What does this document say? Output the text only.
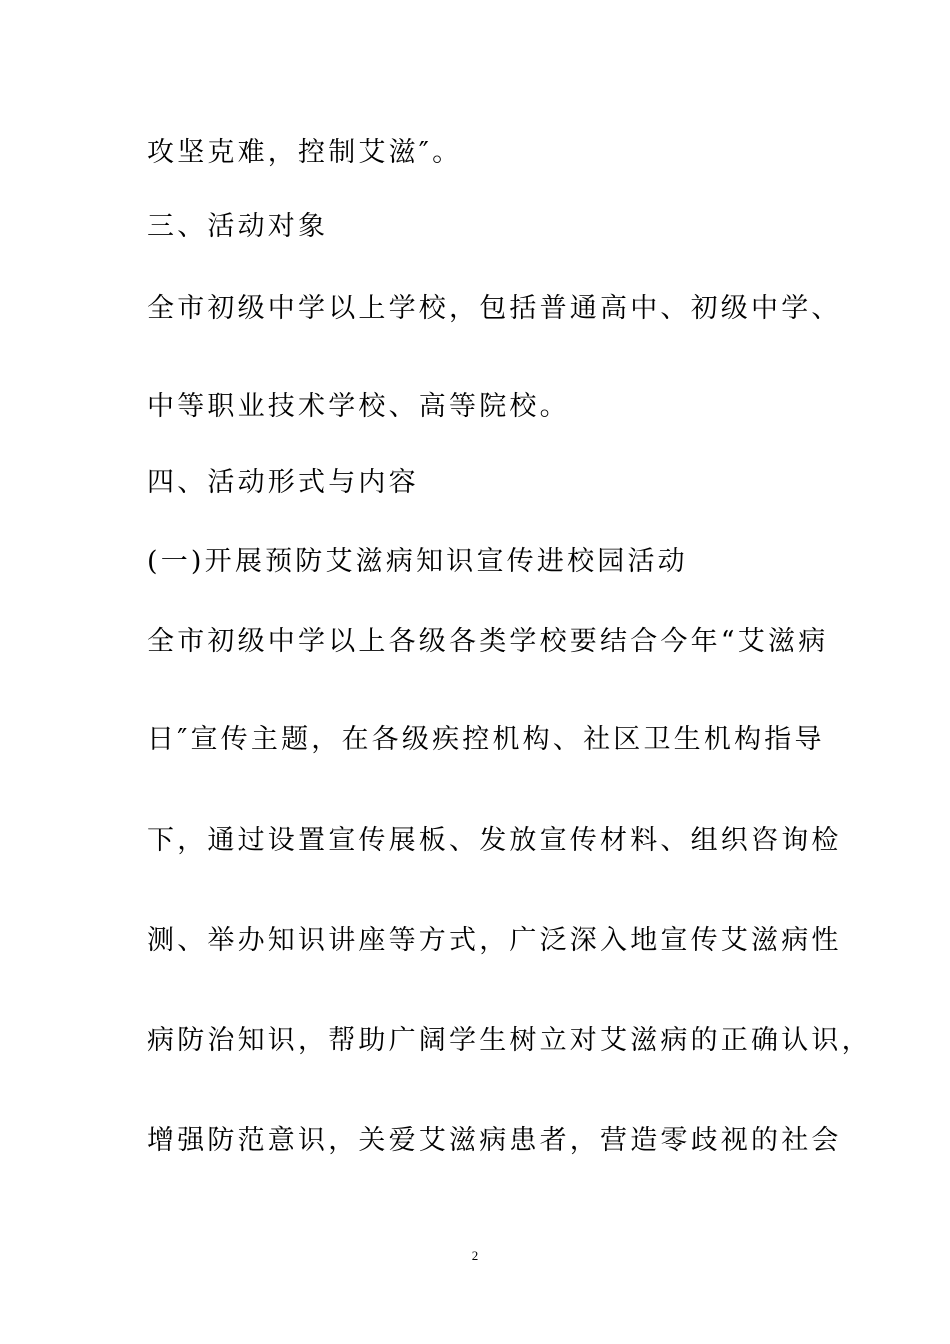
攻坚克难，控制艾滋″。
三、活动对象
全市初级中学以上学校，包括普通高中、初级中学、
中等职业技术学校、高等院校。
四、活动形式与内容
(一)开展预防艾滋病知识宣传进校园活动
全市初级中学以上各级各类学校要结合今年“艾滋病
日″宣传主题，在各级疾控机构、社区卫生机构指导
下，通过设置宣传展板、发放宣传材料、组织咨询检
测、举办知识讲座等方式，广泛深入地宣传艾滋病性
病防治知识，帮助广阔学生树立对艾滋病的正确认识，
增强防范意识，关爱艾滋病患者，营造零歧视的社会
2
